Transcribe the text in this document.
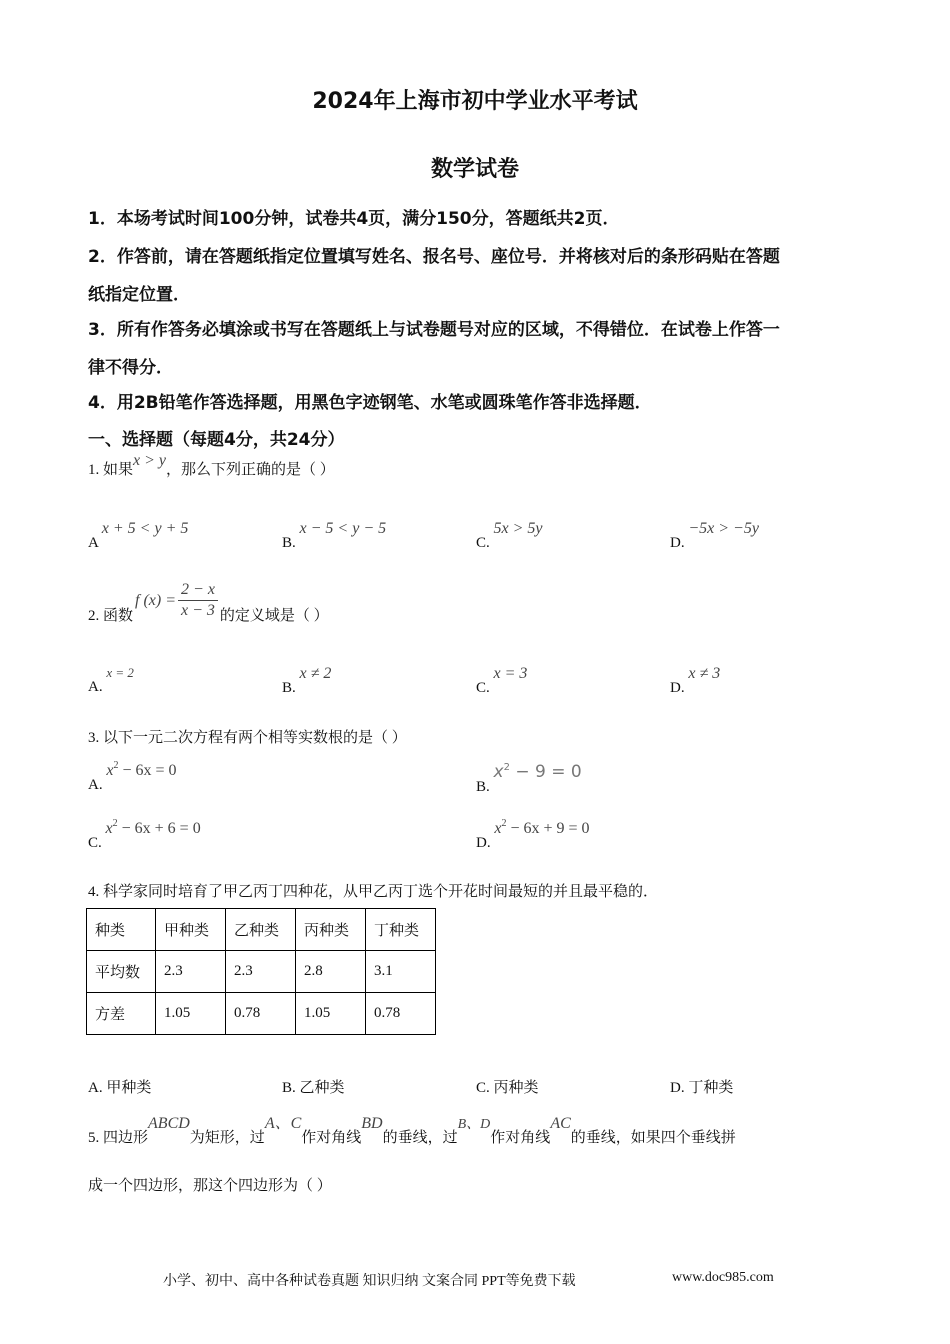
2024年上海市初中学业水平考试
数学试卷
1．本场考试时间100分钟，试卷共4页，满分150分，答题纸共2页．
2．作答前，请在答题纸指定位置填写姓名、报名号、座位号．并将核对后的条形码贴在答题
纸指定位置．
3．所有作答务必填涂或书写在答题纸上与试卷题号对应的区域，不得错位．在试卷上作答一
律不得分．
4．用2B铅笔作答选择题，用黑色字迹钢笔、水笔或圆珠笔作答非选择题．
一、选择题（每题4分，共24分）
1. 如果x > y，那么下列正确的是（ ）
A x + 5 < y + 5
B. x − 5 < y − 5
C. 5x > 5y
D. −5x > −5y
2. 函数
f $(x) = \frac{2 - x}{x - 3}$ 的定义域是（ ）
A. x = 2
B. x ≠ 2
C. x = 3
D. x ≠ 3
3. 以下一元二次方程有两个相等实数根的是（ ）
A. $x^2 - 6x = 0$
B. $x^2 - 9 = 0$
C. $x^2 - 6x + 6 = 0$
D. $x^2 - 6x + 9 = 0$
4. 科学家同时培育了甲乙丙丁四种花，从甲乙丙丁选个开花时间最短的并且最平稳的．
种类	甲种类	乙种类	丙种类	丁种类
平均数	2.3	2.3	2.8	3.1
方差	1.05	0.78	1.05	0.78
A. 甲种类	B. 乙种类	C. 丙种类	D. 丁种类
5. 四边形ABCD为矩形，过A、C作对角线BD的垂线，过B、D作对角线AC的垂线，如果四个垂线拼
成一个四边形，那这个四边形为（ ）
小学、初中、高中各种试卷真题 知识归纳 文案合同 PPT等免费下载	www.doc985.com
